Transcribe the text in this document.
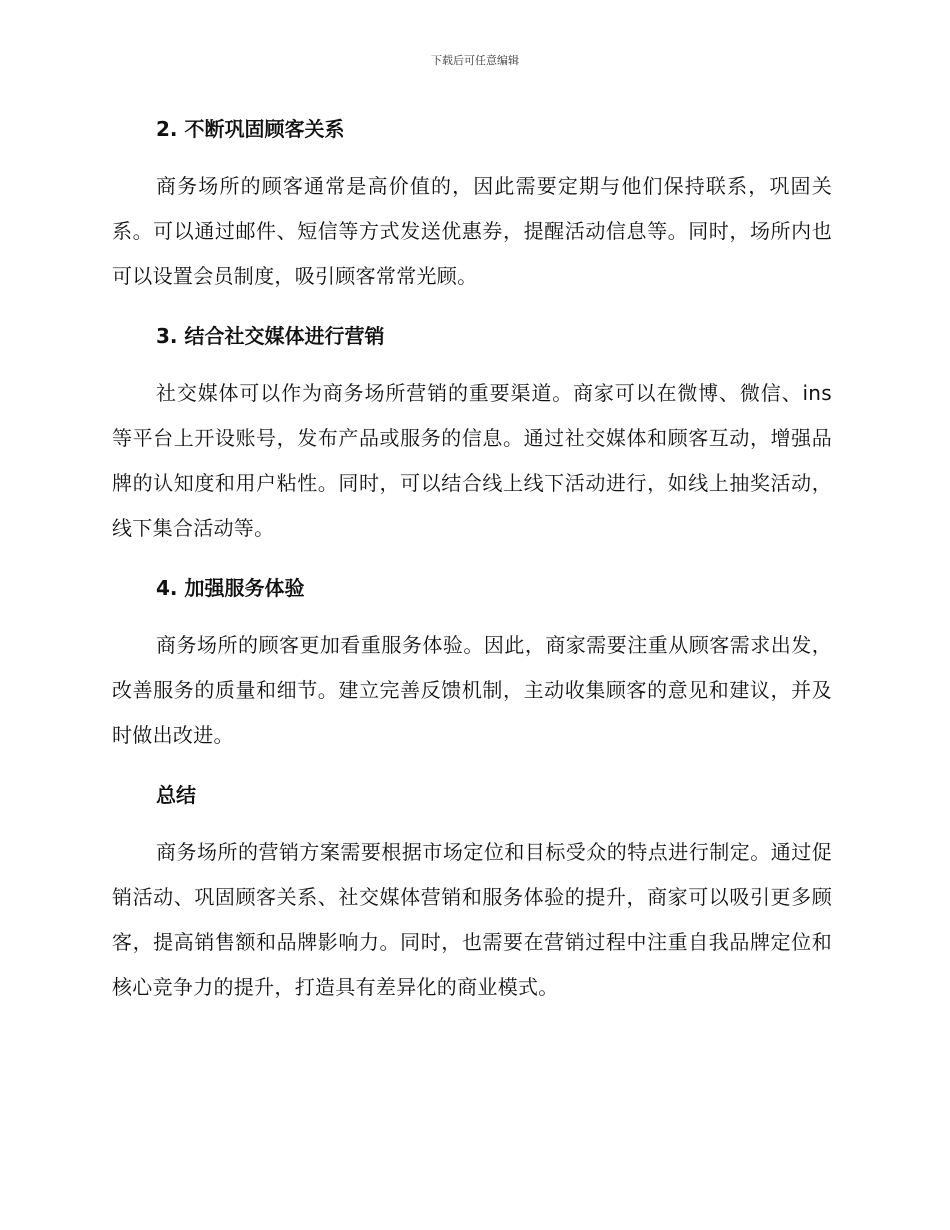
下载后可任意编辑
2. 不断巩固顾客关系

商务场所的顾客通常是高价值的，因此需要定期与他们保持联系，巩固关系。可以通过邮件、短信等方式发送优惠券，提醒活动信息等。同时，场所内也可以设置会员制度，吸引顾客常常光顾。

3. 结合社交媒体进行营销

社交媒体可以作为商务场所营销的重要渠道。商家可以在微博、微信、ins 等平台上开设账号，发布产品或服务的信息。通过社交媒体和顾客互动，增强品牌的认知度和用户粘性。同时，可以结合线上线下活动进行，如线上抽奖活动，线下集合活动等。

4. 加强服务体验

商务场所的顾客更加看重服务体验。因此，商家需要注重从顾客需求出发，改善服务的质量和细节。建立完善反馈机制，主动收集顾客的意见和建议，并及时做出改进。

总结

商务场所的营销方案需要根据市场定位和目标受众的特点进行制定。通过促销活动、巩固顾客关系、社交媒体营销和服务体验的提升，商家可以吸引更多顾客，提高销售额和品牌影响力。同时，也需要在营销过程中注重自我品牌定位和核心竞争力的提升，打造具有差异化的商业模式。
